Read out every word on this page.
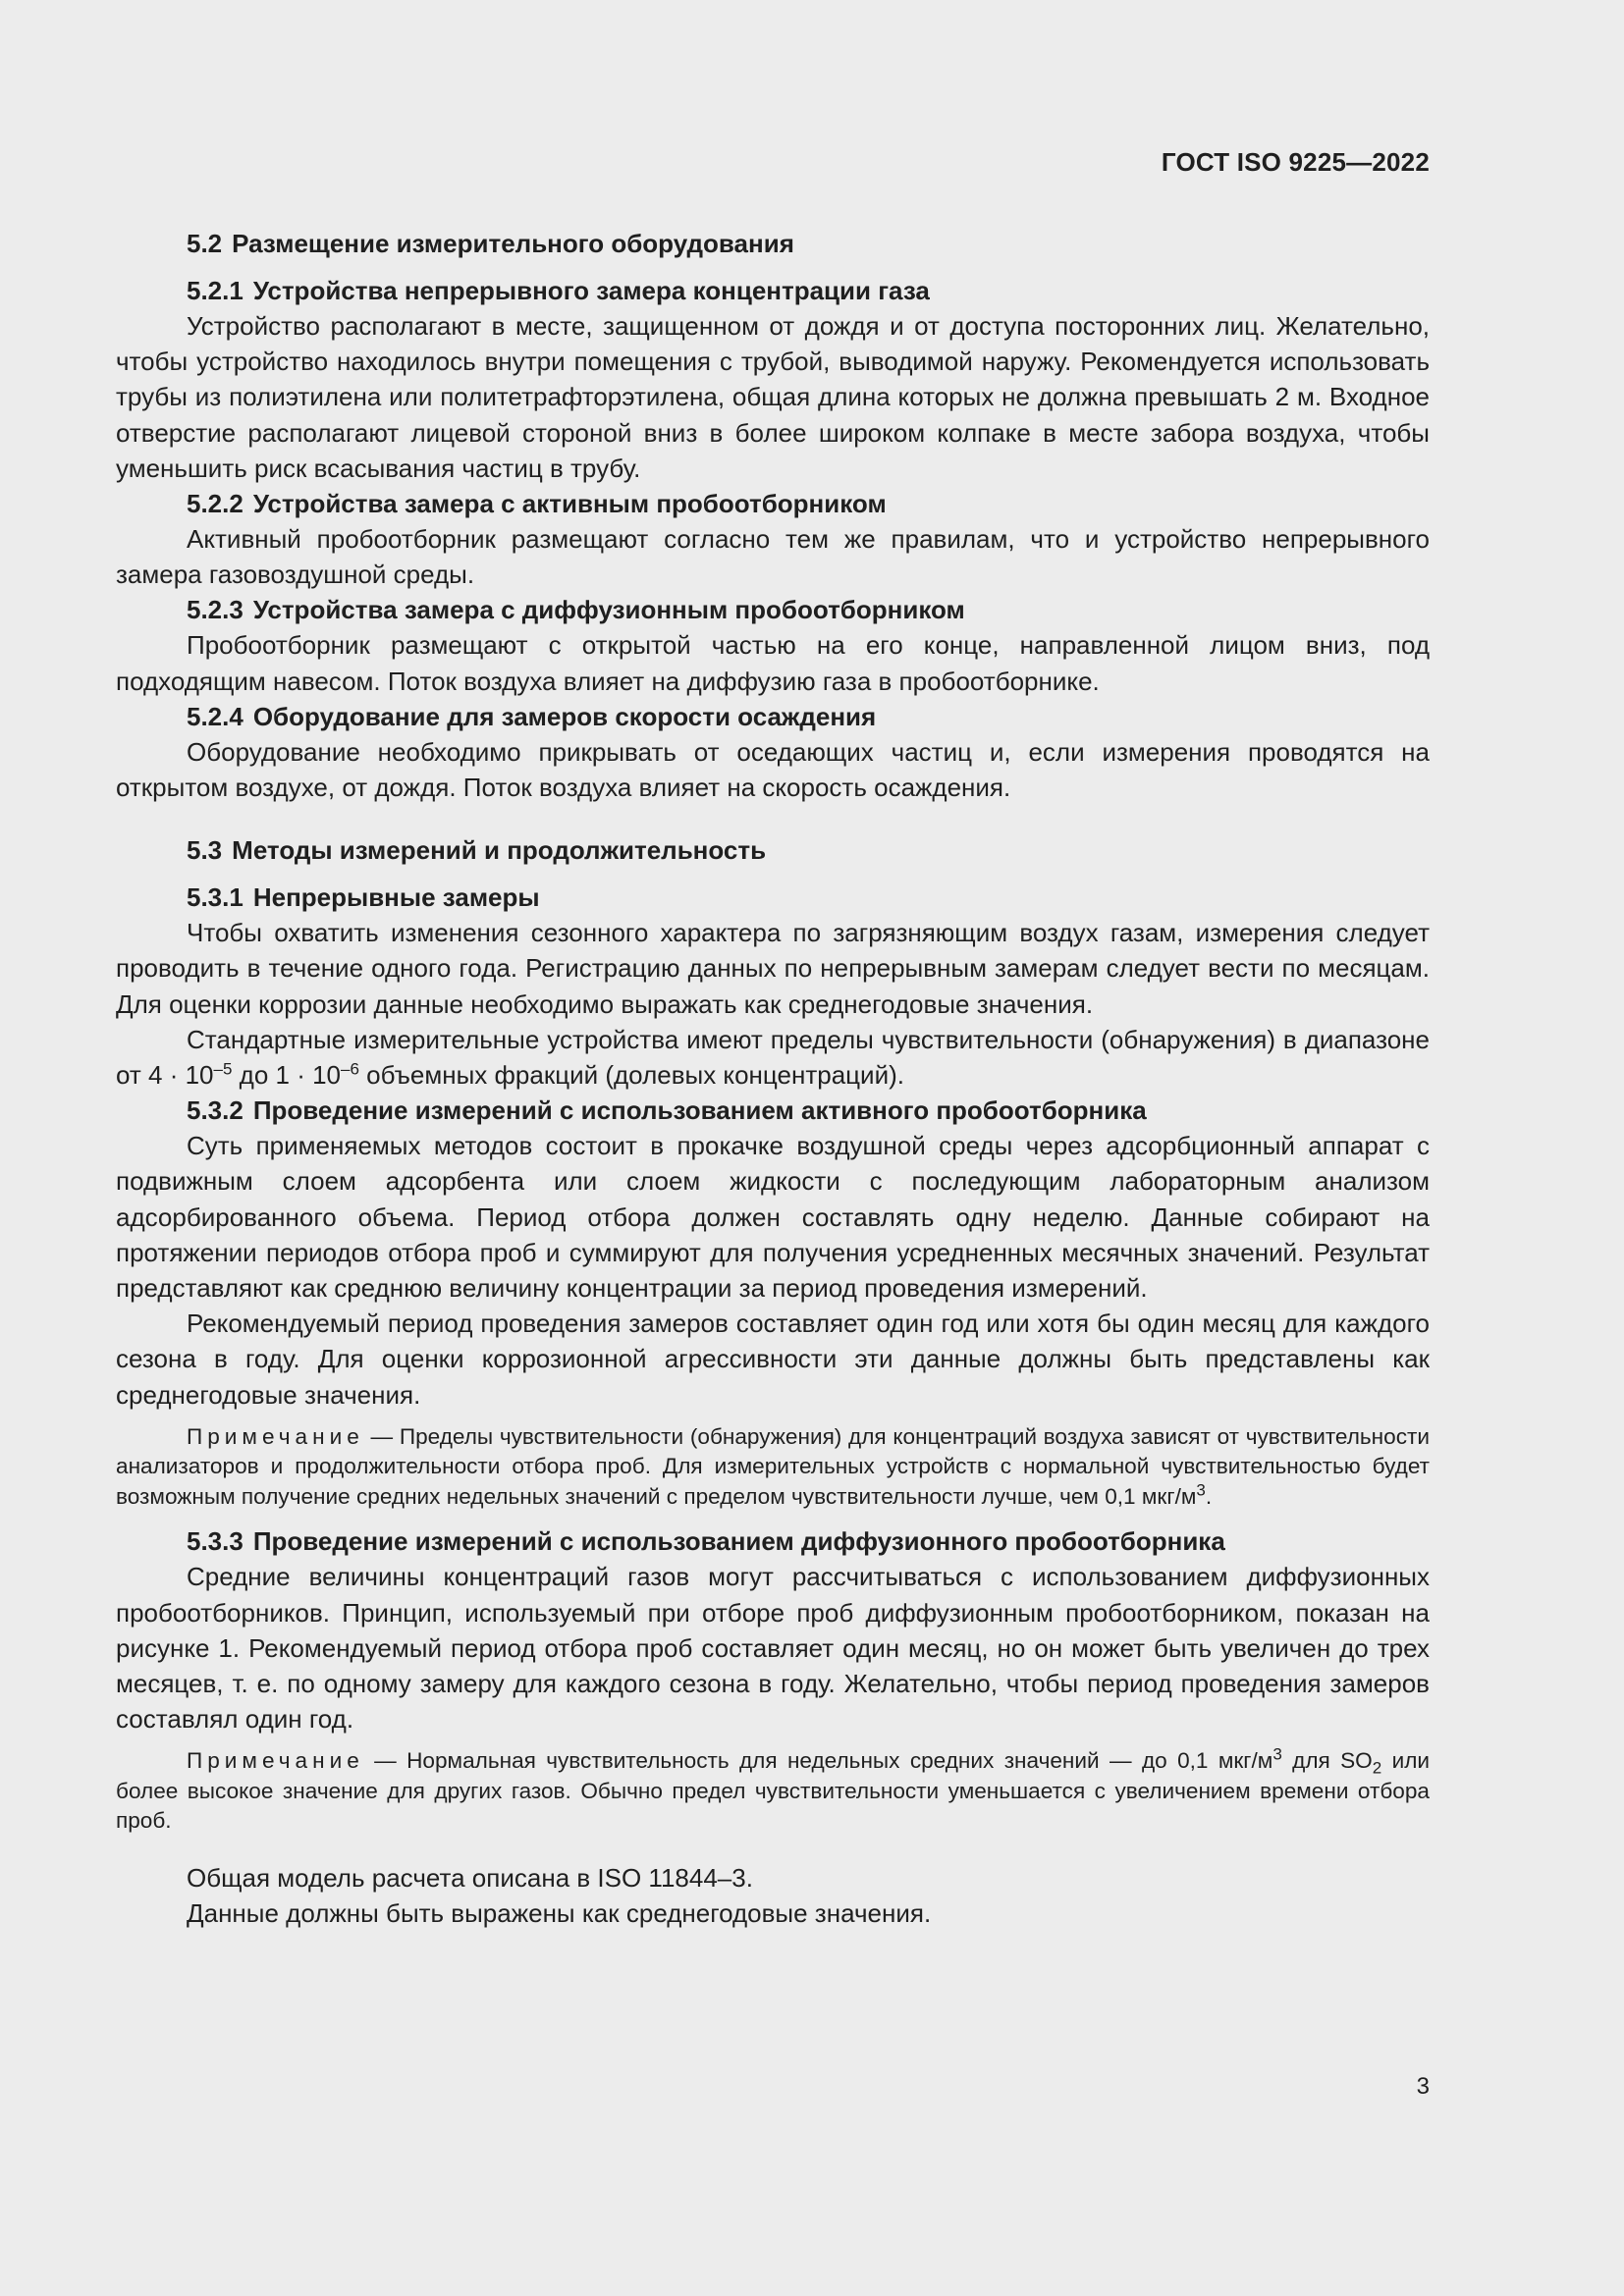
ГОСТ ISO 9225—2022
5.2 Размещение измерительного оборудования
5.2.1 Устройства непрерывного замера концентрации газа

Устройство располагают в месте, защищенном от дождя и от доступа посторонних лиц. Желательно, чтобы устройство находилось внутри помещения с трубой, выводимой наружу. Рекомендуется использовать трубы из полиэтилена или политетрафторэтилена, общая длина которых не должна превышать 2 м. Входное отверстие располагают лицевой стороной вниз в более широком колпаке в месте забора воздуха, чтобы уменьшить риск всасывания частиц в трубу.

5.2.2 Устройства замера с активным пробоотборником

Активный пробоотборник размещают согласно тем же правилам, что и устройство непрерывного замера газовоздушной среды.

5.2.3 Устройства замера с диффузионным пробоотборником

Пробоотборник размещают с открытой частью на его конце, направленной лицом вниз, под подходящим навесом. Поток воздуха влияет на диффузию газа в пробоотборнике.

5.2.4 Оборудование для замеров скорости осаждения

Оборудование необходимо прикрывать от оседающих частиц и, если измерения проводятся на открытом воздухе, от дождя. Поток воздуха влияет на скорость осаждения.

5.3 Методы измерений и продолжительность
5.3.1 Непрерывные замеры

Чтобы охватить изменения сезонного характера по загрязняющим воздух газам, измерения следует проводить в течение одного года. Регистрацию данных по непрерывным замерам следует вести по месяцам. Для оценки коррозии данные необходимо выражать как среднегодовые значения.

Стандартные измерительные устройства имеют пределы чувствительности (обнаружения) в диапазоне от $4 \cdot 10^{-5}$ до $1 \cdot 10^{-6}$ объемных фракций (долевых концентраций).

5.3.2 Проведение измерений с использованием активного пробоотборника

Суть применяемых методов состоит в прокачке воздушной среды через адсорбционный аппарат с подвижным слоем адсорбента или слоем жидкости с последующим лабораторным анализом адсорбированного объема. Период отбора должен составлять одну неделю. Данные собирают на протяжении периодов отбора проб и суммируют для получения усредненных месячных значений. Результат представляют как среднюю величину концентрации за период проведения измерений.

Рекомендуемый период проведения замеров составляет один год или хотя бы один месяц для каждого сезона в году. Для оценки коррозионной агрессивности эти данные должны быть представлены как среднегодовые значения.

Примечание — Пределы чувствительности (обнаружения) для концентраций воздуха зависят от чувствительности анализаторов и продолжительности отбора проб. Для измерительных устройств с нормальной чувствительностью будет возможным получение средних недельных значений с пределом чувствительности лучше, чем 0,1 мкг/$м^3$.
5.3.3 Проведение измерений с использованием диффузионного пробоотборника

Средние величины концентраций газов могут рассчитываться с использованием диффузионных пробоотборников. Принцип, используемый при отборе проб диффузионным пробоотборником, показан на рисунке 1. Рекомендуемый период отбора проб составляет один месяц, но он может быть увеличен до трех месяцев, т. е. по одному замеру для каждого сезона в году. Желательно, чтобы период проведения замеров составлял один год.

Примечание — Нормальная чувствительность для недельных средних значений — до 0,1 мкг/$м^3$ для $SO_2$ или более высокое значение для других газов. Обычно предел чувствительности уменьшается с увеличением времени отбора проб.

Общая модель расчета описана в ISO 11844–3.

Данные должны быть выражены как среднегодовые значения.

3
